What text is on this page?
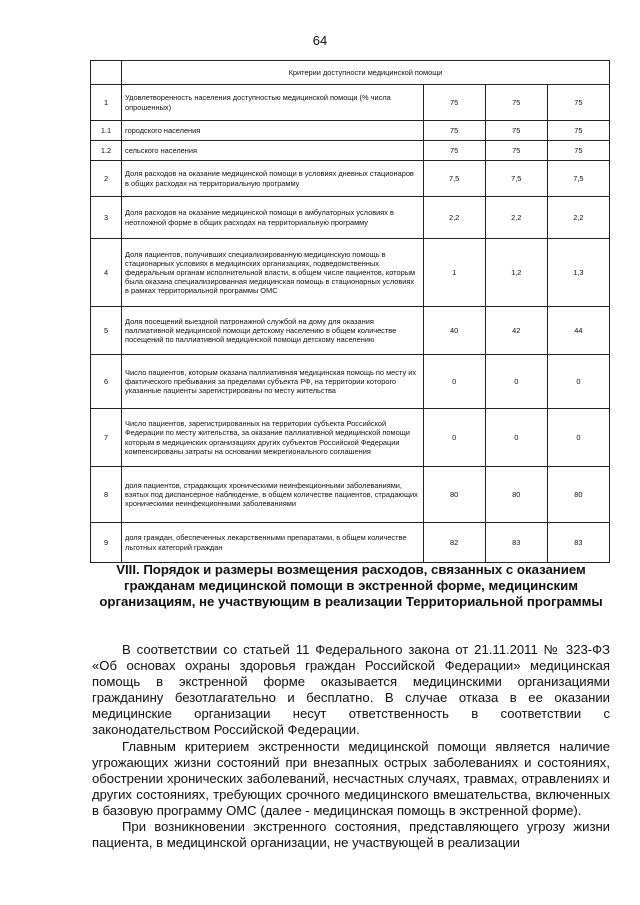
64
	Критерии доступности медицинской помощи			
1	Удовлетворенность населения доступностью медицинской помощи (% числа опрошенных)	75	75	75
1.1	городского населения	75	75	75
1.2	сельского населения	75	75	75
2	Доля расходов на оказание медицинской помощи в условиях дневных стационаров в общих расходах на территориальную программу	7,5	7,5	7,5
3	Доля расходов на оказание медицинской помощи в амбулаторных условиях в неотложной форме в общих расходах на территориальную программу	2,2	2,2	2,2
4	Доля пациентов, получивших специализированную медицинскую помощь в стационарных условиях в медицинских организациях, подведомственных федеральным органам исполнительной власти, в общем числе пациентов, которым была оказана специализированная медицинская помощь в стационарных условиях в рамках территориальной программы ОМС	1	1,2	1,3
5	Доля посещений выездной патронажной службой на дому для оказания паллиативной медицинской помощи детскому населению в общем количестве посещений по паллиативной медицинской помощи детскому населению	40	42	44
6	Число пациентов, которым оказана паллиативная медицинская помощь по месту их фактического пребывания за пределами субъекта РФ, на территории которого указанные пациенты зарегистрированы по месту жительства	0	0	0
7	Число пациентов, зарегистрированных на территории субъекта Российской Федерации по месту жительства, за оказание паллиативной медицинской помощи которым в медицинских организациях других субъектов Российской Федерации компенсированы затраты на основании межрегионального соглашения	0	0	0
8	доля пациентов, страдающих хроническими неинфекционными заболеваниями, взятых под диспансерное наблюдение, в общем количестве пациентов, страдающих хроническими неинфекционными заболеваниями	80	80	80
9	доля граждан, обеспеченных лекарственными препаратами, в общем количестве льготных категорий граждан	82	83	83
VIII. Порядок и размеры возмещения расходов, связанных с оказанием гражданам медицинской помощи в экстренной форме, медицинским организациям, не участвующим в реализации Территориальной программы

В соответствии со статьей 11 Федерального закона от 21.11.2011 № 323-ФЗ «Об основах охраны здоровья граждан Российской Федерации» медицинская помощь в экстренной форме оказывается медицинскими организациями гражданину безотлагательно и бесплатно. В случае отказа в ее оказании медицинские организации несут ответственность в соответствии с законодательством Российской Федерации.

Главным критерием экстренности медицинской помощи является наличие угрожающих жизни состояний при внезапных острых заболеваниях и состояниях, обострении хронических заболеваний, несчастных случаях, травмах, отравлениях и других состояниях, требующих срочного медицинского вмешательства, включенных в базовую программу ОМС (далее - медицинская помощь в экстренной форме).

При возникновении экстренного состояния, представляющего угрозу жизни пациента, в медицинской организации, не участвующей в реализации
